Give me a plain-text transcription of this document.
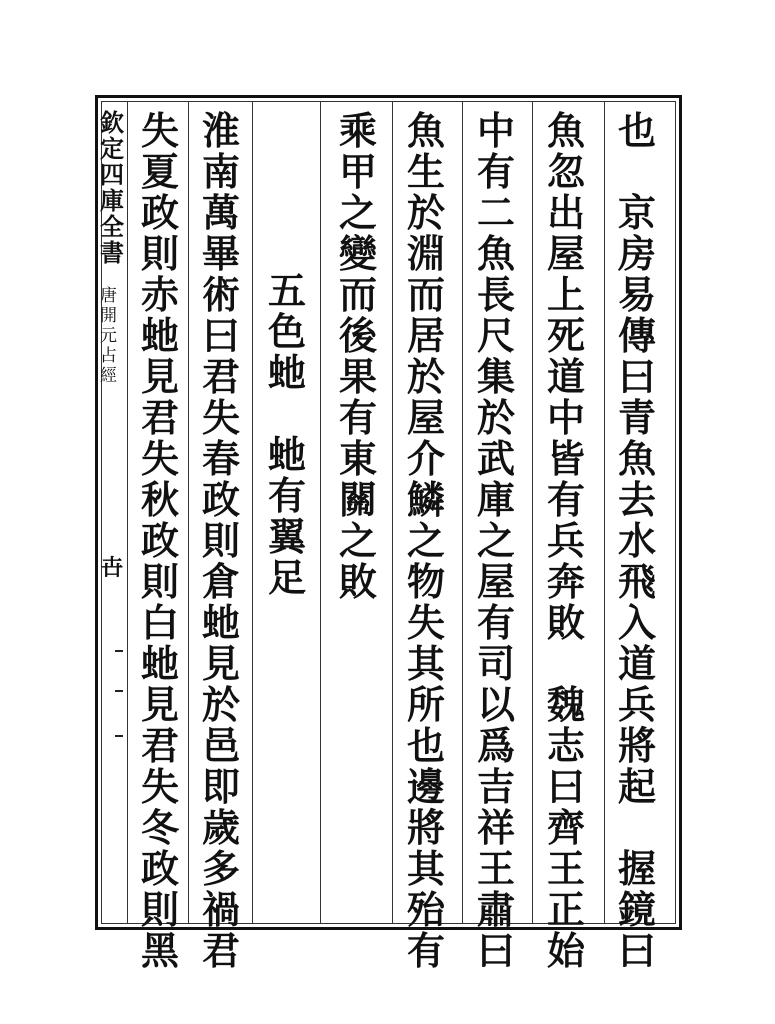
欽定四庫全書
唐開元占經
卋
也
京
房
易
傳
曰
青
魚
去
水
飛
入
道
兵
將
起
握
鏡
曰
魚
忽
出
屋
上
死
道
中
皆
有
兵
奔
敗
魏
志
曰
齊
王
正
始
中
有
二
魚
長
尺
集
於
武
庫
之
屋
有
司
以
爲
吉
祥
王
肅
曰
魚
生
於
淵
而
居
於
屋
介
鱗
之
物
失
其
所
也
邊
將
其
殆
有
乘
甲
之
變
而
後
果
有
東
關
之
敗
五
色
虵
虵
有
翼
足
淮
南
萬
畢
術
曰
君
失
春
政
則
倉
虵
見
於
邑
即
歲
多
禍
君
失
夏
政
則
赤
虵
見
君
失
秋
政
則
白
虵
見
君
失
冬
政
則
黑
